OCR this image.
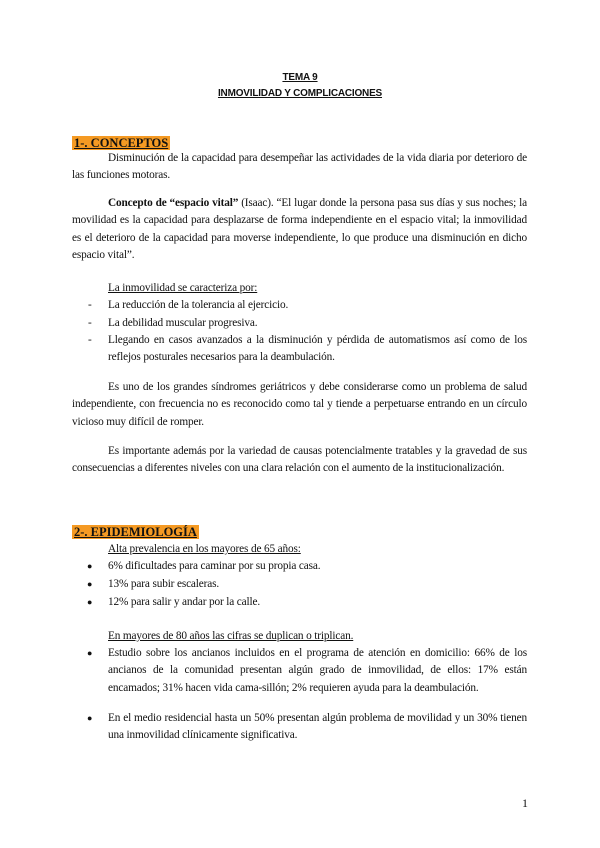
TEMA 9
INMOVILIDAD Y COMPLICACIONES
1-. CONCEPTOS
Disminución de la capacidad para desempeñar las actividades de la vida diaria por deterioro de las funciones motoras.
Concepto de “espacio vital” (Isaac). “El lugar donde la persona pasa sus días y sus noches; la movilidad es la capacidad para desplazarse de forma independiente en el espacio vital; la inmovilidad es el deterioro de la capacidad para moverse independiente, lo que produce una disminución en dicho espacio vital”.
La inmovilidad se caracteriza por:
- La reducción de la tolerancia al ejercicio.
- La debilidad muscular progresiva.
- Llegando en casos avanzados a la disminución y pérdida de automatismos así como de los reflejos posturales necesarios para la deambulación.
Es uno de los grandes síndromes geriátricos y debe considerarse como un problema de salud independiente, con frecuencia no es reconocido como tal y tiende a perpetuarse entrando en un círculo vicioso muy difícil de romper.
Es importante además por la variedad de causas potencialmente tratables y la gravedad de sus consecuencias a diferentes niveles con una clara relación con el aumento de la institucionalización.
2-. EPIDEMIOLOGÍA
Alta prevalencia en los mayores de 65 años:
● 6% dificultades para caminar por su propia casa.
● 13% para subir escaleras.
● 12% para salir y andar por la calle.
En mayores de 80 años las cifras se duplican o triplican.
● Estudio sobre los ancianos incluidos en el programa de atención en domicilio: 66% de los ancianos de la comunidad presentan algún grado de inmovilidad, de ellos: 17% están encamados; 31% hacen vida cama-sillón; 2% requieren ayuda para la deambulación.
● En el medio residencial hasta un 50% presentan algún problema de movilidad y un 30% tienen una inmovilidad clínicamente significativa.
1
